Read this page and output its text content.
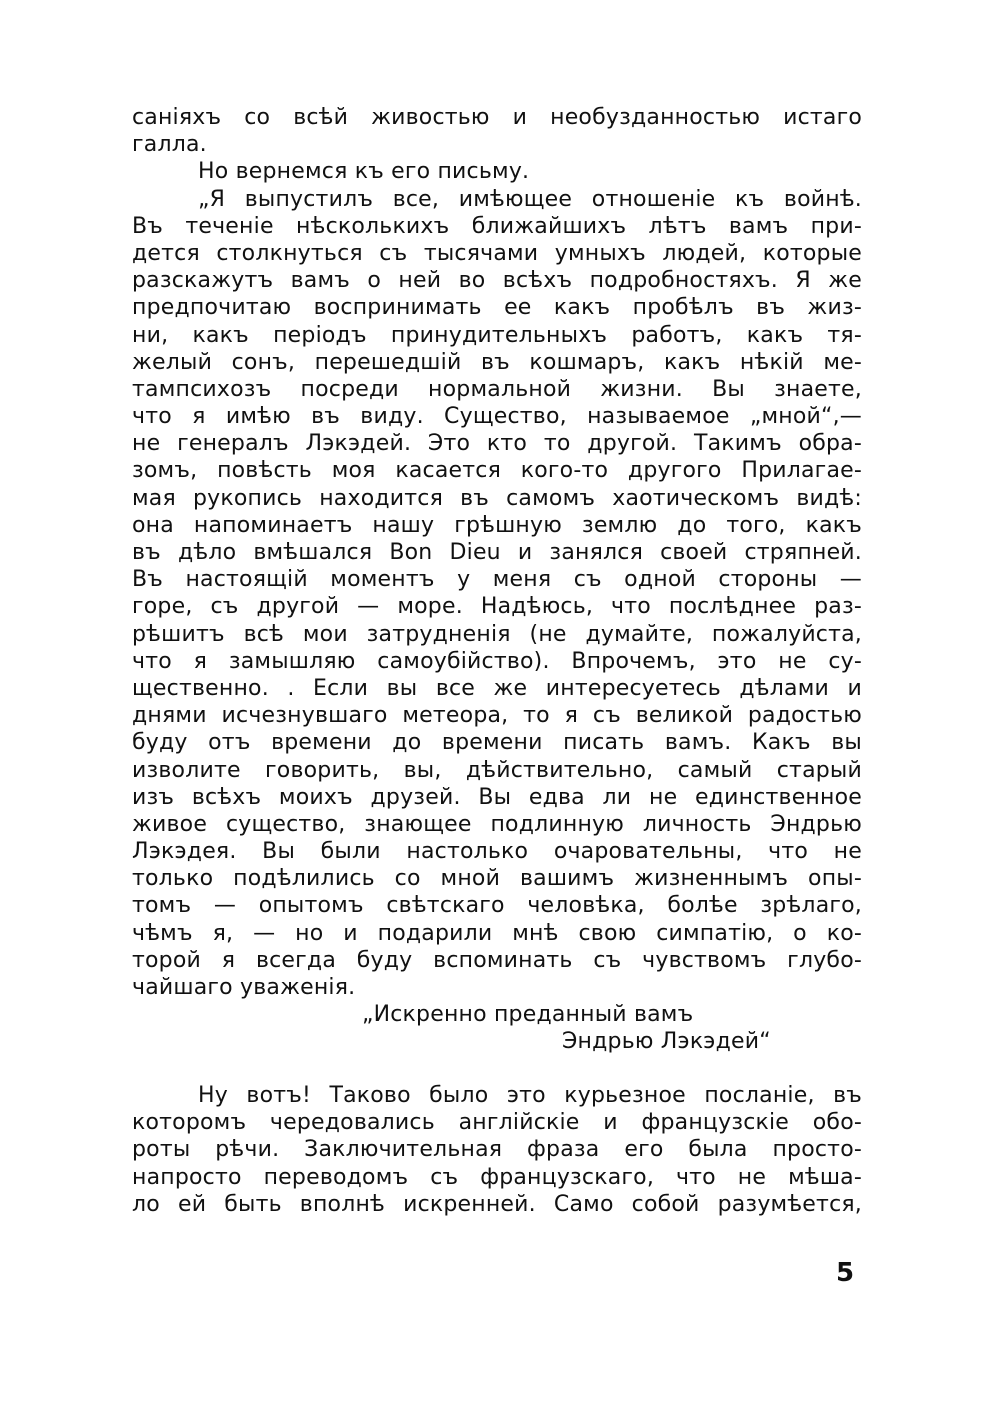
саніяхъ со всѣй живостью и необузданностью истаго
галла.
Но вернемся къ его письму.
„Я выпустилъ все, имѣющее отношеніе къ войнѣ.
Въ теченіе нѣсколькихъ ближайшихъ лѣтъ вамъ при-
дется столкнуться съ тысячами умныхъ людей, которые
разскажутъ вамъ о ней во всѣхъ подробностяхъ. Я же
предпочитаю воспринимать ее какъ пробѣлъ въ жиз-
ни, какъ періодъ принудительныхъ работъ, какъ тя-
желый сонъ, перешедшій въ кошмаръ, какъ нѣкій ме-
тампсихозъ посреди нормальной жизни. Вы знаете,
что я имѣю въ виду. Существо, называемое „мной“,—
не генералъ Лэкэдей. Это кто то другой. Такимъ обра-
зомъ, повѣсть моя касается кого-то другого Прилагае-
мая рукопись находится въ самомъ хаотическомъ видѣ:
она напоминаетъ нашу грѣшную землю до того, какъ
въ дѣло вмѣшался Bon Dieu и занялся своей стряпней.
Въ настоящій моментъ у меня съ одной стороны —
горе, съ другой — море. Надѣюсь, что послѣднее раз-
рѣшитъ всѣ мои затрудненія (не думайте, пожалуйста,
что я замышляю самоубійство). Впрочемъ, это не су-
щественно. . Если вы все же интересуетесь дѣлами и
днями исчезнувшаго метеора, то я съ великой радостью
буду отъ времени до времени писать вамъ. Какъ вы
изволите говорить, вы, дѣйствительно, самый старый
изъ всѣхъ моихъ друзей. Вы едва ли не единственное
живое существо, знающее подлинную личность Эндрью
Лэкэдея. Вы были настолько очаровательны, что не
только подѣлились со мной вашимъ жизненнымъ опы-
томъ — опытомъ свѣтскаго человѣка, болѣе зрѣлаго,
чѣмъ я, — но и подарили мнѣ свою симпатію, о ко-
торой я всегда буду вспоминать съ чувствомъ глубо-
чайшаго уваженія.
„Искренно преданный вамъ
Эндрью Лэкэдей“
Ну вотъ! Таково было это курьезное посланіе, въ
которомъ чередовались англійскіе и французскіе обо-
роты рѣчи. Заключительная фраза его была просто-
напросто переводомъ съ французскаго, что не мѣша-
ло ей быть вполнѣ искренней. Само собой разумѣется,
5
